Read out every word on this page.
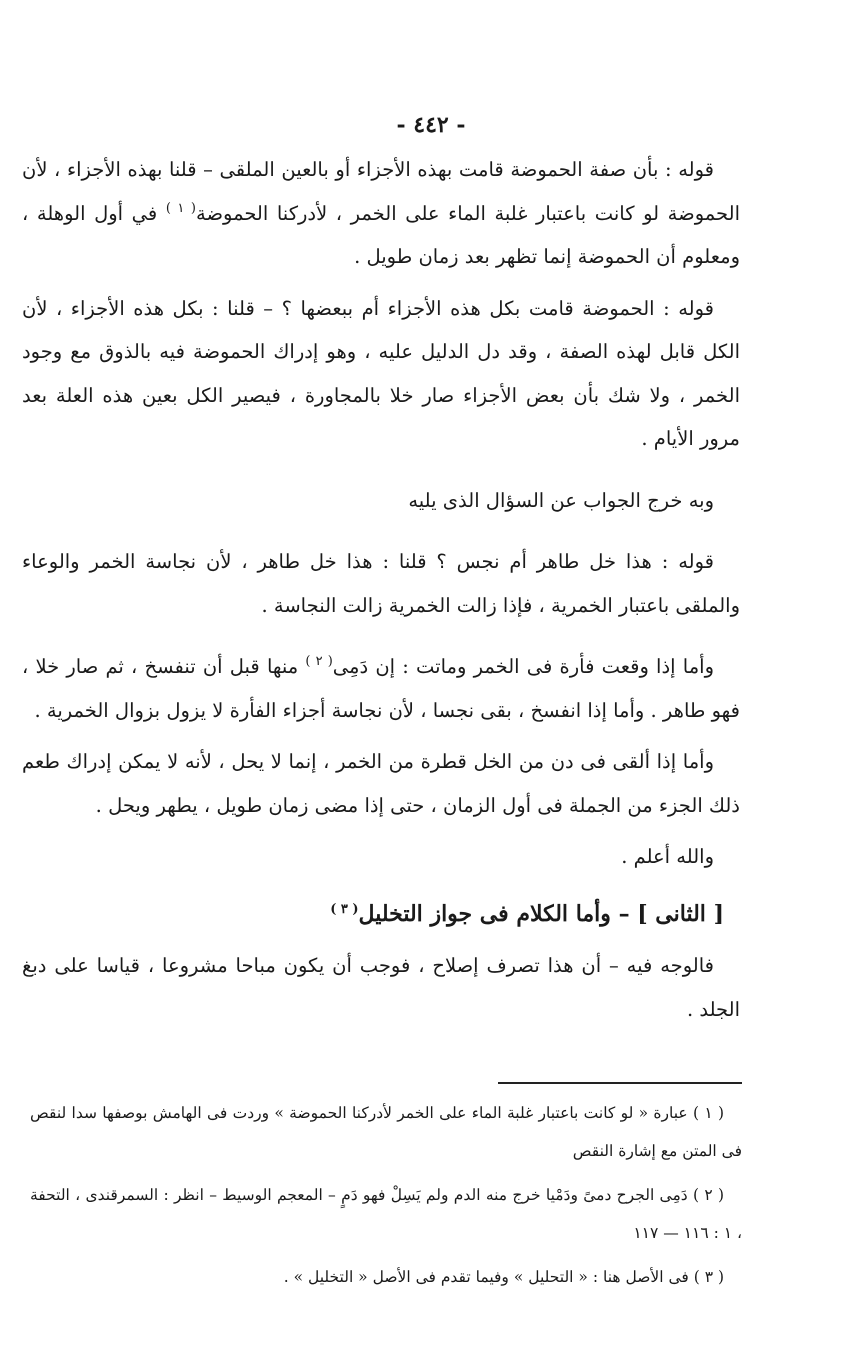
- ٤٤٢ -

قوله : بأن صفة الحموضة قامت بهذه الأجزاء أو بالعين الملقى – قلنا بهذه الأجزاء ، لأن الحموضة لو كانت باعتبار غلبة الماء على الخمر ، لأدركنا الحموضة$^{( ١ )}$ في أول الوهلة ، ومعلوم أن الحموضة إنما تظهر بعد زمان طويل .

قوله : الحموضة قامت بكل هذه الأجزاء أم ببعضها ؟ – قلنا : بكل هذه الأجزاء ، لأن الكل قابل لهذه الصفة ، وقد دل الدليل عليه ، وهو إدراك الحموضة فيه بالذوق مع وجود الخمر ، ولا شك بأن بعض الأجزاء صار خلا بالمجاورة ، فيصير الكل بعين هذه العلة بعد مرور الأيام .

وبه خرج الجواب عن السؤال الذى يليه

قوله : هذا خل طاهر أم نجس ؟ قلنا : هذا خل طاهر ، لأن نجاسة الخمر والوعاء والملقى باعتبار الخمرية ، فإذا زالت الخمرية زالت النجاسة .

وأما إذا وقعت فأرة فى الخمر وماتت : إن دَمِى$^{( ٢ )}$ منها قبل أن تنفسخ ، ثم صار خلا ، فهو طاهر . وأما إذا انفسخ ، بقى نجسا ، لأن نجاسة أجزاء الفأرة لا يزول بزوال الخمرية .

وأما إذا ألقى فى دن من الخل قطرة من الخمر ، إنما لا يحل ، لأنه لا يمكن إدراك طعم ذلك الجزء من الجملة فى أول الزمان ، حتى إذا مضى زمان طويل ، يطهر ويحل .

والله أعلم .

[ الثانى ] – وأما الكلام فى جواز التخليل$^{( ٣ )}$

فالوجه فيه – أن هذا تصرف إصلاح ، فوجب أن يكون مباحا مشروعا ، قياسا على دبغ الجلد .

( ١ ) عبارة « لو كانت باعتبار غلبة الماء على الخمر لأدركنا الحموضة » وردت فى الهامش بوصفها سدا لنقص فى المتن مع إشارة النقص

( ٢ ) دَمِى الجرح دمىً ودَمْيا خرج منه الدم ولم يَسِلْ فهو دَمٍ – المعجم الوسيط – انظر : السمرقندى ، التحفة ، ١ : ١١٦ — ١١٧

( ٣ ) فى الأصل هنا : « التحليل » وفيما تقدم فى الأصل « التخليل » .
